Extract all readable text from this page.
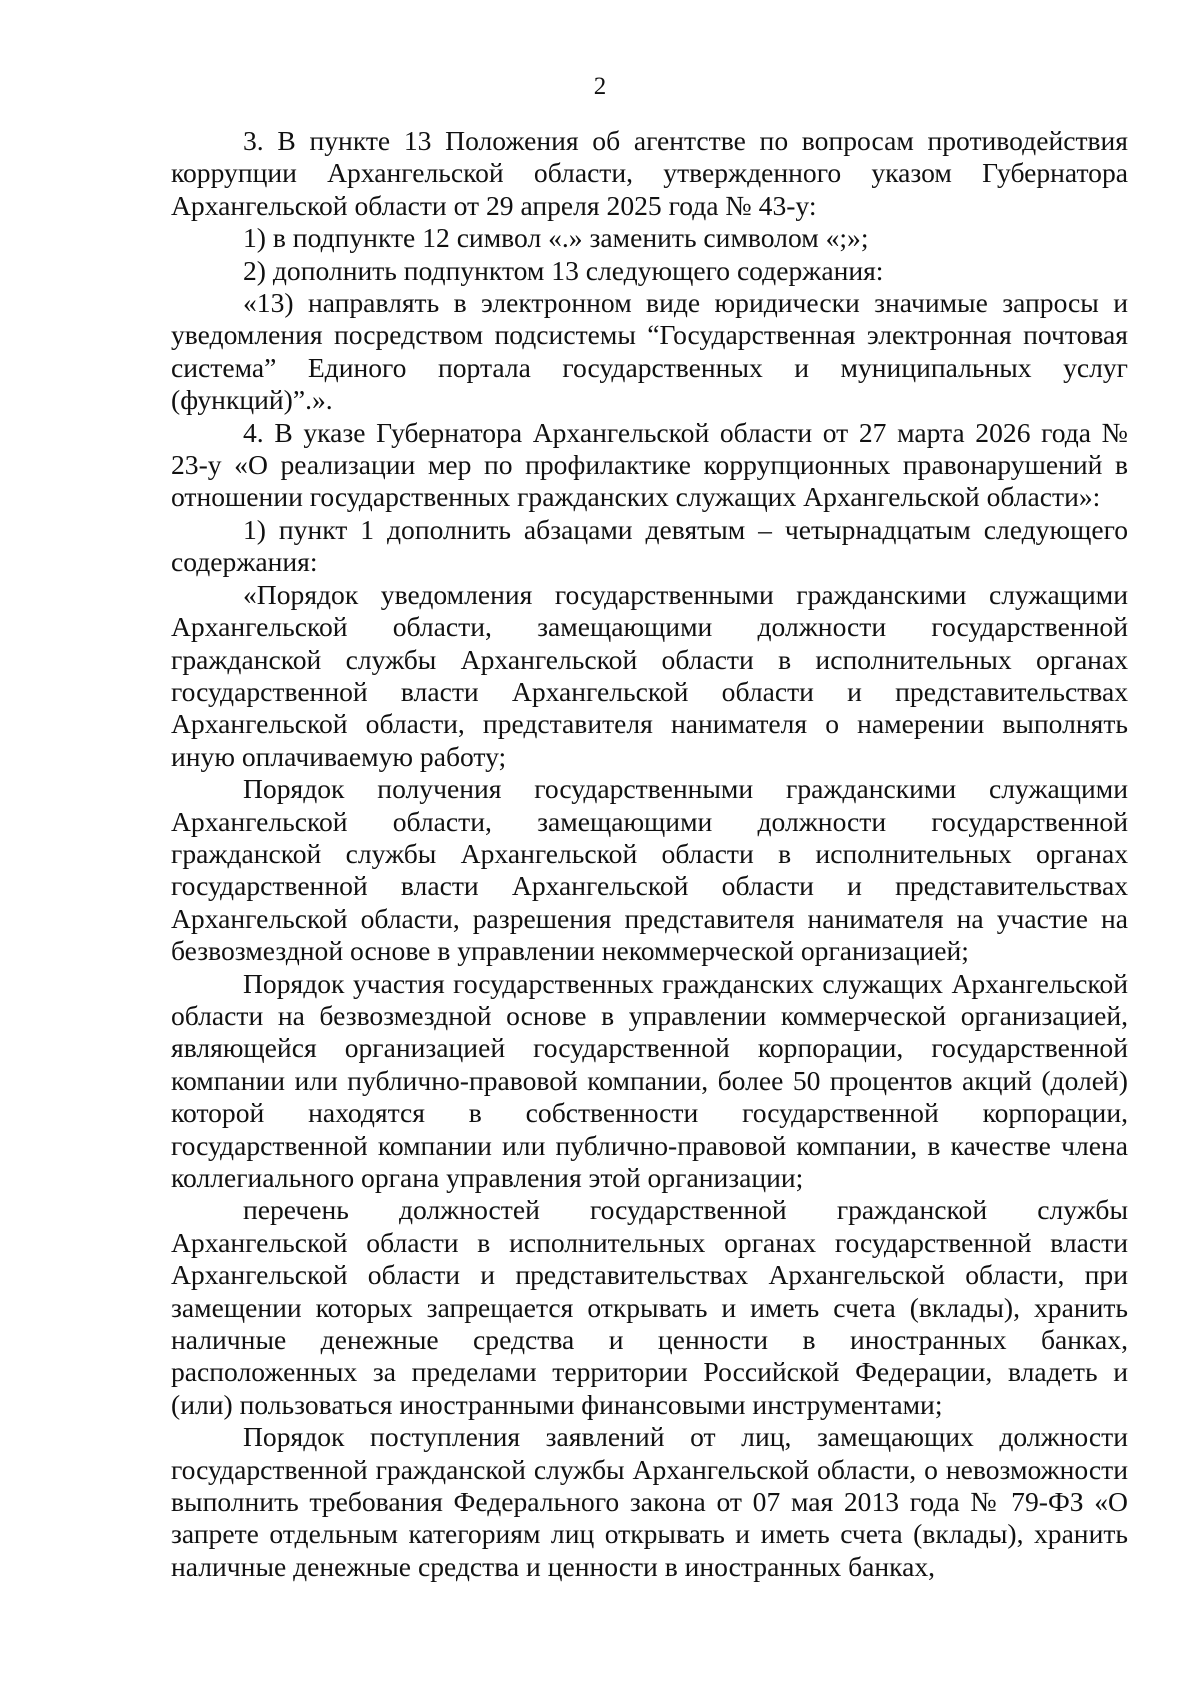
2

3. В пункте 13 Положения об агентстве по вопросам противодействия коррупции Архангельской области, утвержденного указом Губернатора Архангельской области от 29 апреля 2025 года № 43-у:

1) в подпункте 12 символ «.» заменить символом «;»;

2) дополнить подпунктом 13 следующего содержания:

«13) направлять в электронном виде юридически значимые запросы и уведомления посредством подсистемы “Государственная электронная почтовая система” Единого портала государственных и муниципальных услуг (функций)”.».

4. В указе Губернатора Архангельской области от 27 марта 2026 года № 23-у «О реализации мер по профилактике коррупционных правонарушений в отношении государственных гражданских служащих Архангельской области»:

1) пункт 1 дополнить абзацами девятым – четырнадцатым следующего содержания:

«Порядок уведомления государственными гражданскими служащими Архангельской области, замещающими должности государственной гражданской службы Архангельской области в исполнительных органах государственной власти Архангельской области и представительствах Архангельской области, представителя нанимателя о намерении выполнять иную оплачиваемую работу;

Порядок получения государственными гражданскими служащими Архангельской области, замещающими должности государственной гражданской службы Архангельской области в исполнительных органах государственной власти Архангельской области и представительствах Архангельской области, разрешения представителя нанимателя на участие на безвозмездной основе в управлении некоммерческой организацией;

Порядок участия государственных гражданских служащих Архангельской области на безвозмездной основе в управлении коммерческой организацией, являющейся организацией государственной корпорации, государственной компании или публично-правовой компании, более 50 процентов акций (долей) которой находятся в собственности государственной корпорации, государственной компании или публично-правовой компании, в качестве члена коллегиального органа управления этой организации;

перечень должностей государственной гражданской службы Архангельской области в исполнительных органах государственной власти Архангельской области и представительствах Архангельской области, при замещении которых запрещается открывать и иметь счета (вклады), хранить наличные денежные средства и ценности в иностранных банках, расположенных за пределами территории Российской Федерации, владеть и (или) пользоваться иностранными финансовыми инструментами;

Порядок поступления заявлений от лиц, замещающих должности государственной гражданской службы Архангельской области, о невозможности выполнить требования Федерального закона от 07 мая 2013 года № 79-ФЗ «О запрете отдельным категориям лиц открывать и иметь счета (вклады), хранить наличные денежные средства и ценности в иностранных банках,
